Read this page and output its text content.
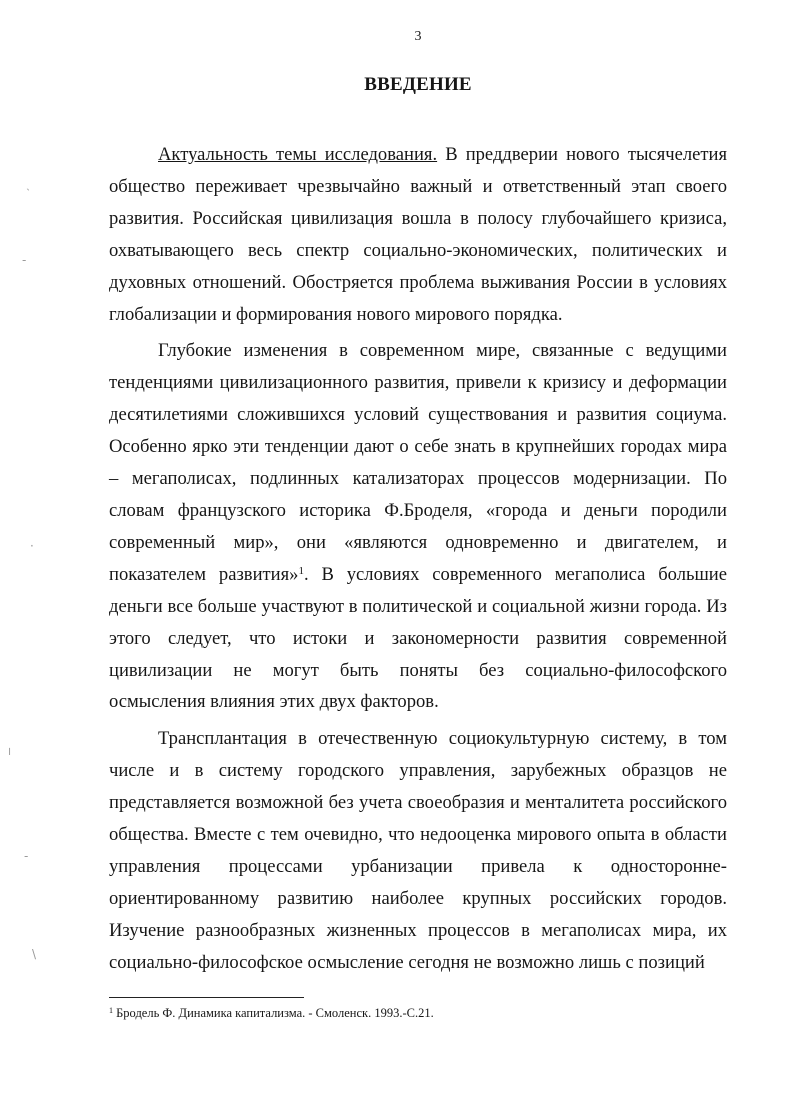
3
ВВЕДЕНИЕ

Актуальность темы исследования. В преддверии нового тысячелетия общество переживает чрезвычайно важный и ответственный этап своего развития. Российская цивилизация вошла в полосу глубочайшего кризиса, охватывающего весь спектр социально-экономических, политических и духовных отношений. Обостряется проблема выживания России в условиях глобализации и формирования нового мирового порядка.

Глубокие изменения в современном мире, связанные с ведущими тенденциями цивилизационного развития, привели к кризису и деформации десятилетиями сложившихся условий существования и развития социума. Особенно ярко эти тенденции дают о себе знать в крупнейших городах мира – мегаполисах, подлинных катализаторах процессов модернизации. По словам французского историка Ф.Броделя, «города и деньги породили современный мир», они «являются одновременно и двигателем, и показателем развития»$^1$. В условиях современного мегаполиса большие деньги все больше участвуют в политической и социальной жизни города. Из этого следует, что истоки и закономерности развития современной цивилизации не могут быть поняты без социально-философского осмысления влияния этих двух факторов.

Трансплантация в отечественную социокультурную систему, в том числе и в систему городского управления, зарубежных образцов не представляется возможной без учета своеобразия и менталитета российского общества. Вместе с тем очевидно, что недооценка мирового опыта в области управления процессами урбанизации привела к односторонне-ориентированному развитию наиболее крупных российских городов. Изучение разнообразных жизненных процессов в мегаполисах мира, их социально-философское осмысление сегодня не возможно лишь с позиций

$^1$ Бродель Ф. Динамика капитализма. - Смоленск. 1993.-С.21.
˴
-
·
╷
-
\
